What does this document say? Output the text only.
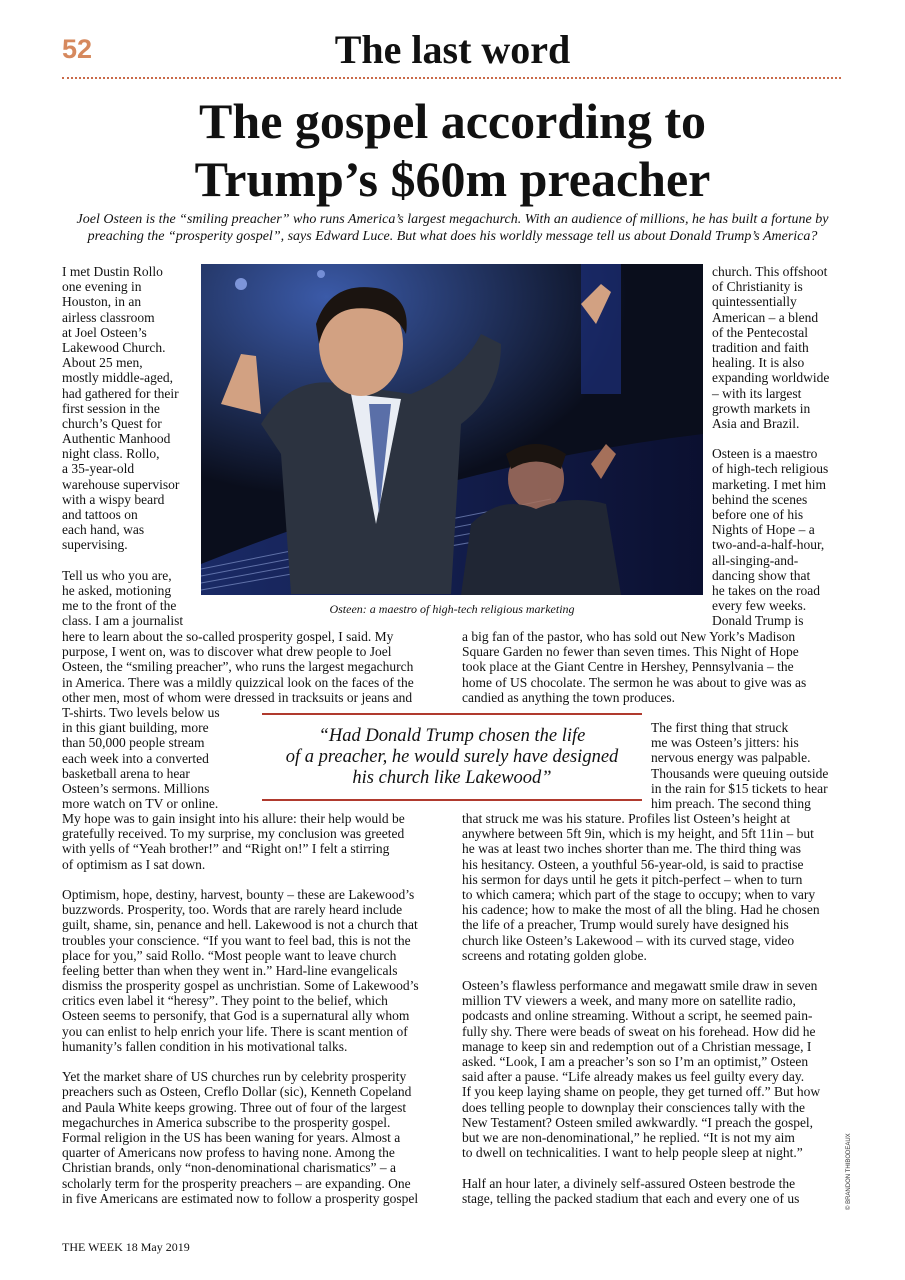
52	The last word
The gospel according to
Trump’s $60m preacher
Joel Osteen is the “smiling preacher” who runs America’s largest megachurch. With an audience of millions, he has built a fortune by
preaching the “prosperity gospel”, says Edward Luce. But what does his worldly message tell us about Donald Trump’s America?
Osteen: a maestro of high-tech religious marketing
I met Dustin Rollo
one evening in
Houston, in an
airless classroom
at Joel Osteen’s
Lakewood Church.
About 25 men,
mostly middle-aged,
had gathered for their
first session in the
church’s Quest for
Authentic Manhood
night class. Rollo,
a 35-year-old
warehouse supervisor
with a wispy beard
and tattoos on
each hand, was
supervising.
Tell us who you are,
he asked, motioning
me to the front of the
class. I am a journalist
here to learn about the so-called prosperity gospel, I said. My
purpose, I went on, was to discover what drew people to Joel
Osteen, the “smiling preacher”, who runs the largest megachurch
in America. There was a mildly quizzical look on the faces of the
other men, most of whom were dressed in tracksuits or jeans and
T-shirts. Two levels below us
in this giant building, more
than 50,000 people stream
each week into a converted
basketball arena to hear
Osteen’s sermons. Millions
more watch on TV or online.
My hope was to gain insight into his allure: their help would be
gratefully received. To my surprise, my conclusion was greeted
with yells of “Yeah brother!” and “Right on!” I felt a stirring
of optimism as I sat down.
Optimism, hope, destiny, harvest, bounty – these are Lakewood’s
buzzwords. Prosperity, too. Words that are rarely heard include
guilt, shame, sin, penance and hell. Lakewood is not a church that
troubles your conscience. “If you want to feel bad, this is not the
place for you,” said Rollo. “Most people want to leave church
feeling better than when they went in.” Hard-line evangelicals
dismiss the prosperity gospel as unchristian. Some of Lakewood’s
critics even label it “heresy”. They point to the belief, which
Osteen seems to personify, that God is a supernatural ally whom
you can enlist to help enrich your life. There is scant mention of
humanity’s fallen condition in his motivational talks.
Yet the market share of US churches run by celebrity prosperity
preachers such as Osteen, Creflo Dollar (sic), Kenneth Copeland
and Paula White keeps growing. Three out of four of the largest
megachurches in America subscribe to the prosperity gospel.
Formal religion in the US has been waning for years. Almost a
quarter of Americans now profess to having none. Among the
Christian brands, only “non-denominational charismatics” – a
scholarly term for the prosperity preachers – are expanding. One
in five Americans are estimated now to follow a prosperity gospel
church. This offshoot
of Christianity is
quintessentially
American – a blend
of the Pentecostal
tradition and faith
healing. It is also
expanding worldwide
– with its largest
growth markets in
Asia and Brazil.
Osteen is a maestro
of high-tech religious
marketing. I met him
behind the scenes
before one of his
Nights of Hope – a
two-and-a-half-hour,
all-singing-and-
dancing show that
he takes on the road
every few weeks.
Donald Trump is
a big fan of the pastor, who has sold out New York’s Madison
Square Garden no fewer than seven times. This Night of Hope
took place at the Giant Centre in Hershey, Pennsylvania – the
home of US chocolate. The sermon he was about to give was as
candied as anything the town produces.
The first thing that struck
me was Osteen’s jitters: his
nervous energy was palpable.
Thousands were queuing outside
in the rain for $15 tickets to hear
him preach. The second thing
that struck me was his stature. Profiles list Osteen’s height at
anywhere between 5ft 9in, which is my height, and 5ft 11in – but
he was at least two inches shorter than me. The third thing was
his hesitancy. Osteen, a youthful 56-year-old, is said to practise
his sermon for days until he gets it pitch-perfect – when to turn
to which camera; which part of the stage to occupy; when to vary
his cadence; how to make the most of all the bling. Had he chosen
the life of a preacher, Trump would surely have designed his
church like Osteen’s Lakewood – with its curved stage, video
screens and rotating golden globe.
Osteen’s flawless performance and megawatt smile draw in seven
million TV viewers a week, and many more on satellite radio,
podcasts and online streaming. Without a script, he seemed pain-
fully shy. There were beads of sweat on his forehead. How did he
manage to keep sin and redemption out of a Christian message, I
asked. “Look, I am a preacher’s son so I’m an optimist,” Osteen
said after a pause. “Life already makes us feel guilty every day.
If you keep laying shame on people, they get turned off.” But how
does telling people to downplay their consciences tally with the
New Testament? Osteen smiled awkwardly. “I preach the gospel,
but we are non-denominational,” he replied. “It is not my aim
to dwell on technicalities. I want to help people sleep at night.”
Half an hour later, a divinely self-assured Osteen bestrode the
stage, telling the packed stadium that each and every one of us
“Had Donald Trump chosen the life
of a preacher, he would surely have designed
his church like Lakewood”
© BRANDON THIBODEAUX
THE WEEK 18 May 2019
